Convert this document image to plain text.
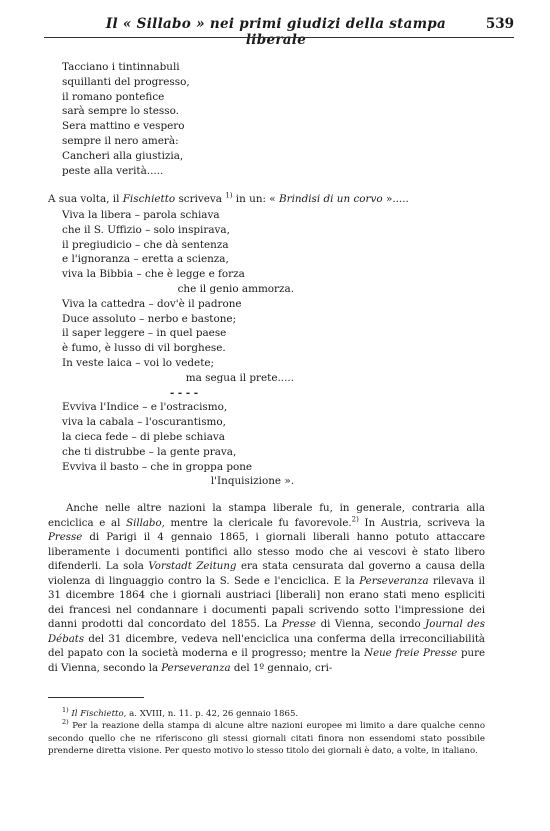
Il « Sillabo » nei primi giudizi della stampa liberale
539
Tacciano i tintinnabuli
squillanti del progresso,
il romano pontefice
sarà sempre lo stesso.
Sera mattino e vespero
sempre il nero amerà:
Cancheri alla giustizia,
peste alla verità.....
A sua volta, il Fischietto scriveva $^{1)}$ in un: « Brindisi di un corvo ».....
Viva la libera – parola schiava
che il S. Uffizio – solo inspirava,
il pregiudicio – che dà sentenza
e l'ignoranza – eretta a scienza,
viva la Bibbia – che è legge e forza
che il genio ammorza.
Viva la cattedra – dov'è il padrone
Duce assoluto – nerbo e bastone;
il saper leggere – in quel paese
è fumo, è lusso di vil borghese.
In veste laica – voi lo vedete;
ma segua il prete.....
- - - -
Evviva l'Indice – e l'ostracismo,
viva la cabala – l'oscurantismo,
la cieca fede – di plebe schiava
che ti distrubbe – la gente prava,
Evviva il basto – che in groppa pone
l'Inquisizione ».
Anche nelle altre nazioni la stampa liberale fu, in generale, contraria alla enciclica e al Sillabo, mentre la clericale fu favorevole.$^{2)}$ In Austria, scriveva la Presse di Parigi il 4 gennaio 1865, i giornali liberali hanno potuto attaccare liberamente i documenti pontifici allo stesso modo che ai vescovi è stato libero difenderli. La sola Vorstadt Zeitung era stata censurata dal governo a causa della violenza di linguaggio contro la S. Sede e l'enciclica. E la Perseveranza rilevava il 31 dicembre 1864 che i giornali austriaci [liberali] non erano stati meno espliciti dei francesi nel condannare i documenti papali scrivendo sotto l'impressione dei danni prodotti dal concordato del 1855. La Presse di Vienna, secondo Journal des Débats del 31 dicembre, vedeva nell'enciclica una conferma della irreconciliabilità del papato con la società moderna e il progresso; mentre la Neue freie Presse pure di Vienna, secondo la Perseveranza del 1º gennaio, cri-
$^{1)}$ Il Fischietto, a. XVIII, n. 11. p. 42, 26 gennaio 1865.
$^{2)}$ Per la reazione della stampa di alcune altre nazioni europee mi limito a dare qualche cenno secondo quello che ne riferiscono gli stessi giornali citati finora non essendomi stato possibile prenderne diretta visione. Per questo motivo lo stesso titolo dei giornali è dato, a volte, in italiano.
